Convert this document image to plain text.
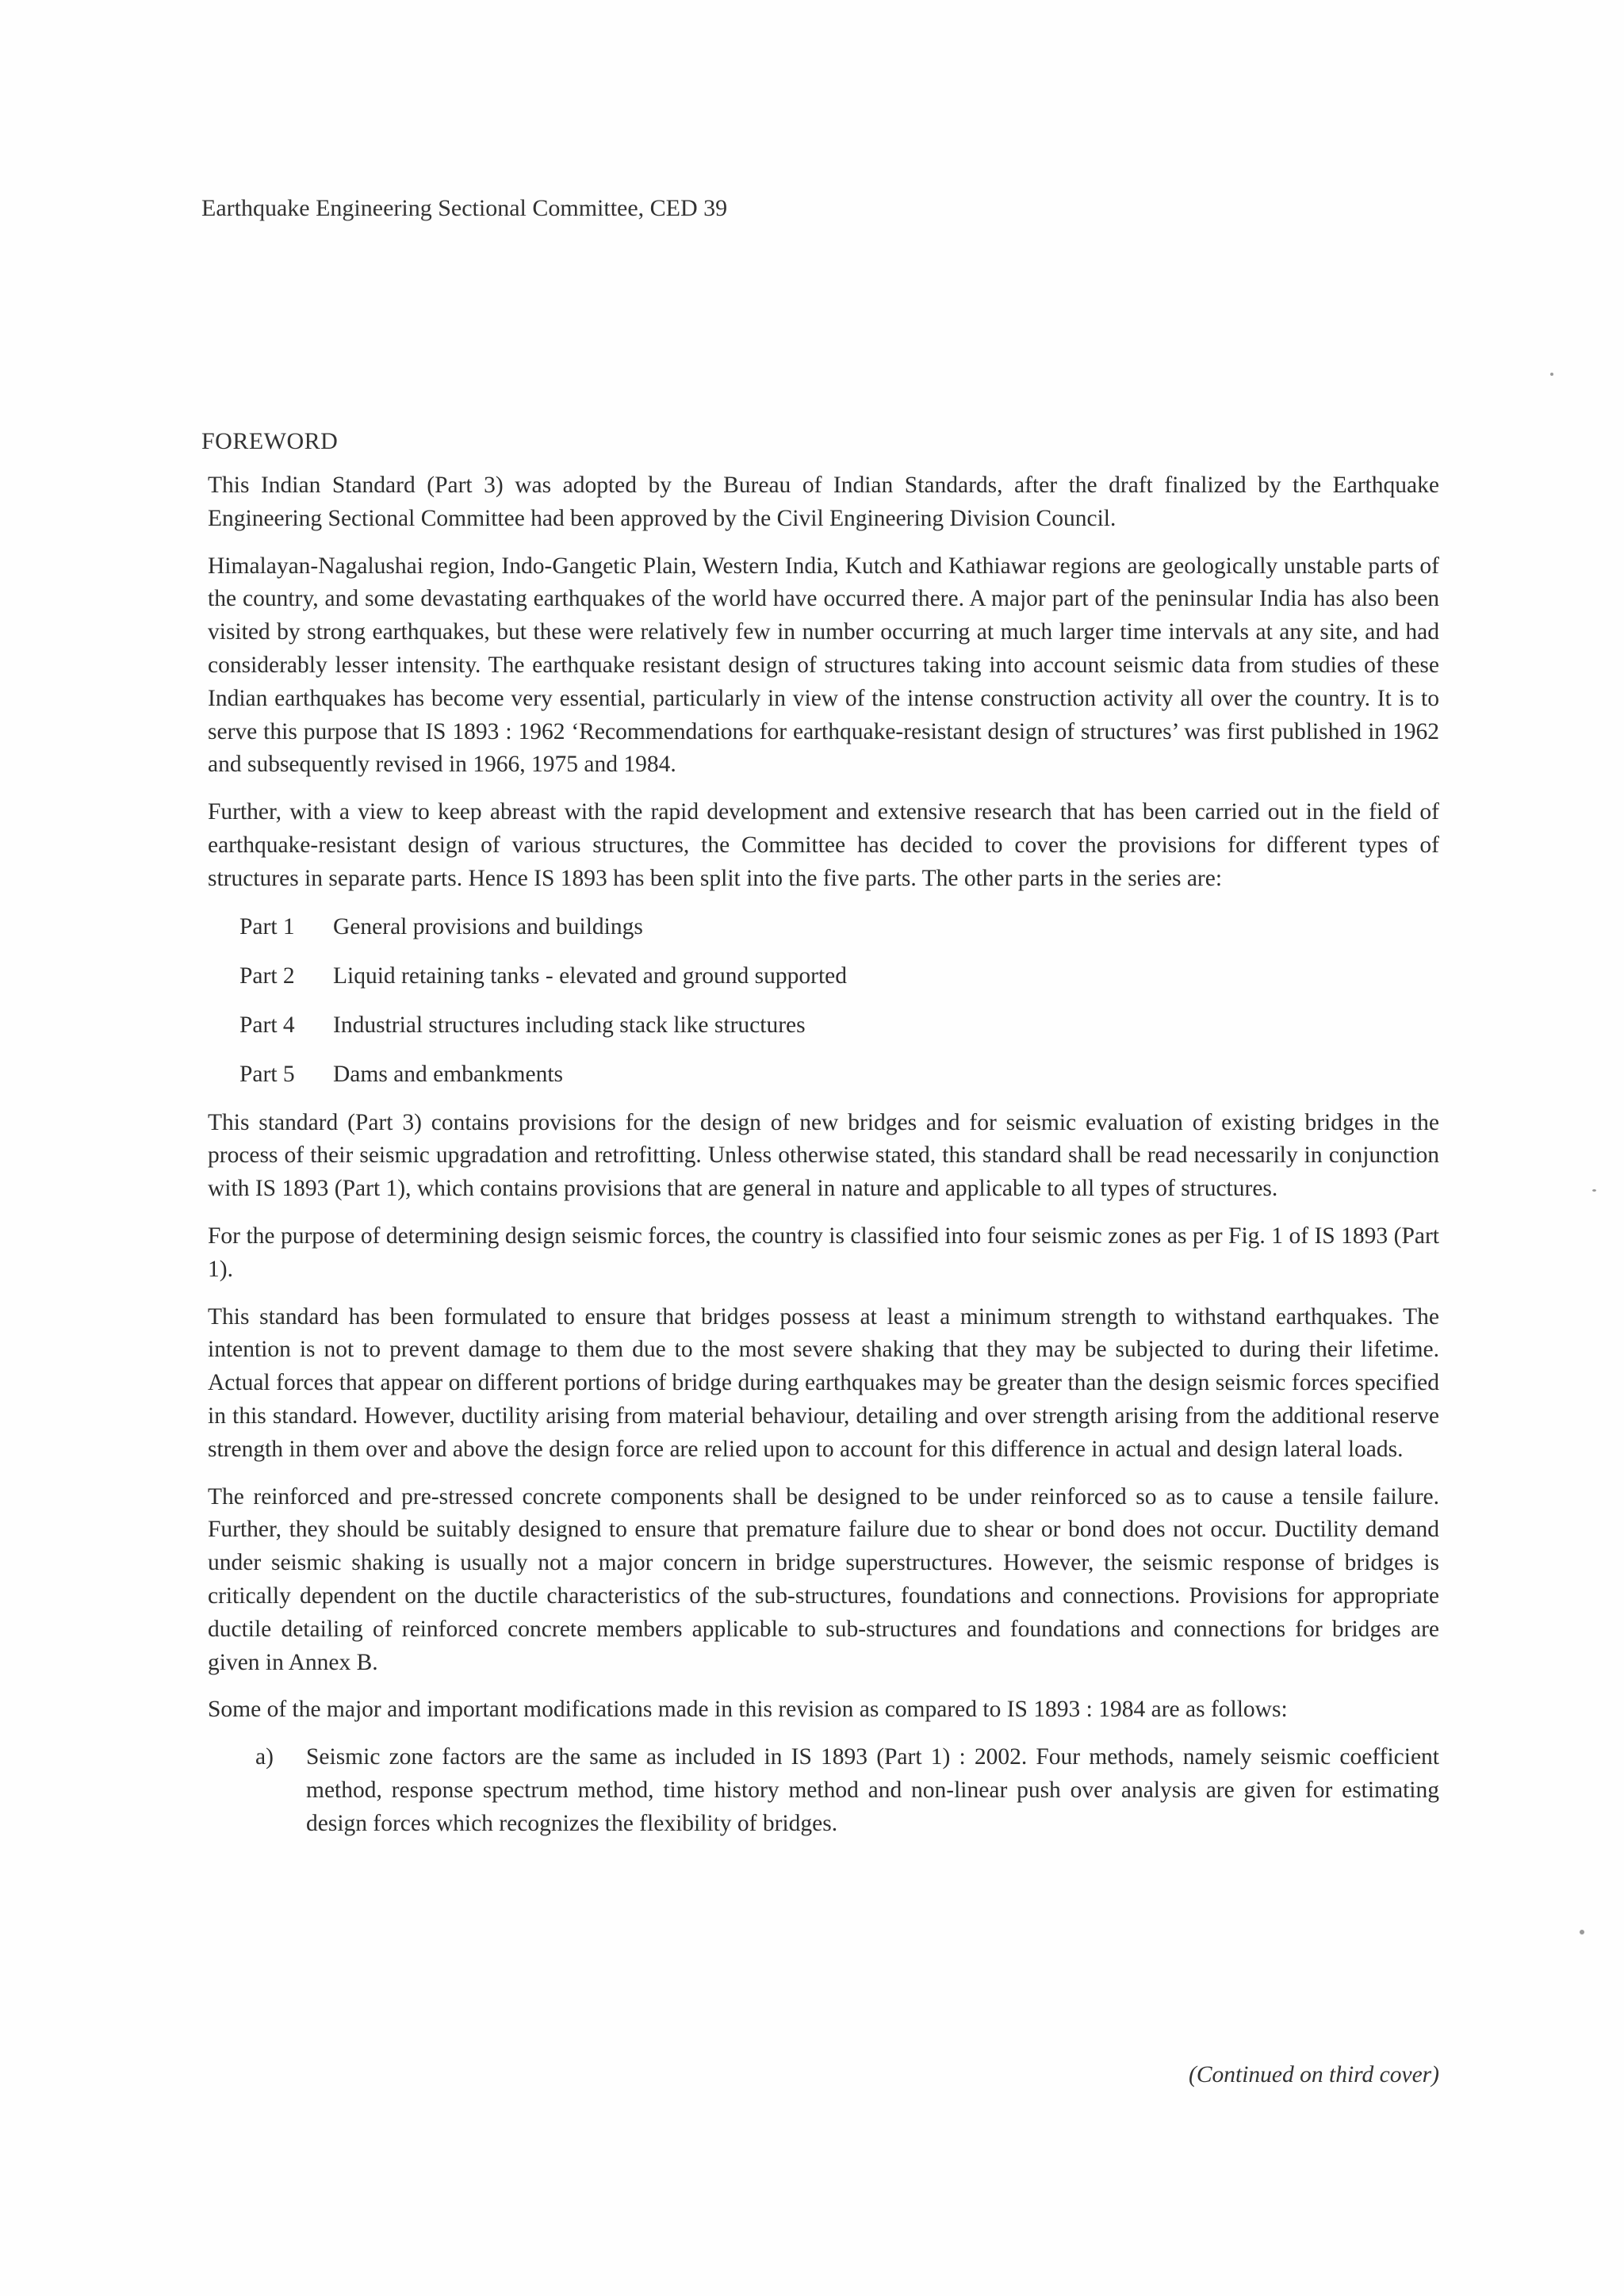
Earthquake Engineering Sectional Committee, CED 39
FOREWORD

This Indian Standard (Part 3) was adopted by the Bureau of Indian Standards, after the draft finalized by the Earthquake Engineering Sectional Committee had been approved by the Civil Engineering Division Council.

Himalayan-Nagalushai region, Indo-Gangetic Plain, Western India, Kutch and Kathiawar regions are geologically unstable parts of the country, and some devastating earthquakes of the world have occurred there. A major part of the peninsular India has also been visited by strong earthquakes, but these were relatively few in number occurring at much larger time intervals at any site, and had considerably lesser intensity. The earthquake resistant design of structures taking into account seismic data from studies of these Indian earthquakes has become very essential, particularly in view of the intense construction activity all over the country. It is to serve this purpose that IS 1893 : 1962 ‘Recommendations for earthquake-resistant design of structures’ was first published in 1962 and subsequently revised in 1966, 1975 and 1984.

Further, with a view to keep abreast with the rapid development and extensive research that has been carried out in the field of earthquake-resistant design of various structures, the Committee has decided to cover the provisions for different types of structures in separate parts. Hence IS 1893 has been split into the five parts. The other parts in the series are:

Part 1	General provisions and buildings
Part 2	Liquid retaining tanks - elevated and ground supported
Part 4	Industrial structures including stack like structures
Part 5	Dams and embankments

This standard (Part 3) contains provisions for the design of new bridges and for seismic evaluation of existing bridges in the process of their seismic upgradation and retrofitting. Unless otherwise stated, this standard shall be read necessarily in conjunction with IS 1893 (Part 1), which contains provisions that are general in nature and applicable to all types of structures.

For the purpose of determining design seismic forces, the country is classified into four seismic zones as per Fig. 1 of IS 1893 (Part 1).

This standard has been formulated to ensure that bridges possess at least a minimum strength to withstand earthquakes. The intention is not to prevent damage to them due to the most severe shaking that they may be subjected to during their lifetime. Actual forces that appear on different portions of bridge during earthquakes may be greater than the design seismic forces specified in this standard. However, ductility arising from material behaviour, detailing and over strength arising from the additional reserve strength in them over and above the design force are relied upon to account for this difference in actual and design lateral loads.

The reinforced and pre-stressed concrete components shall be designed to be under reinforced so as to cause a tensile failure. Further, they should be suitably designed to ensure that premature failure due to shear or bond does not occur. Ductility demand under seismic shaking is usually not a major concern in bridge superstructures. However, the seismic response of bridges is critically dependent on the ductile characteristics of the sub-structures, foundations and connections. Provisions for appropriate ductile detailing of reinforced concrete members applicable to sub-structures and foundations and connections for bridges are given in Annex B.

Some of the major and important modifications made in this revision as compared to IS 1893 : 1984 are as follows:

a)	Seismic zone factors are the same as included in IS 1893 (Part 1) : 2002. Four methods, namely seismic coefficient method, response spectrum method, time history method and non-linear push over analysis are given for estimating design forces which recognizes the flexibility of bridges.
(Continued on third cover)
